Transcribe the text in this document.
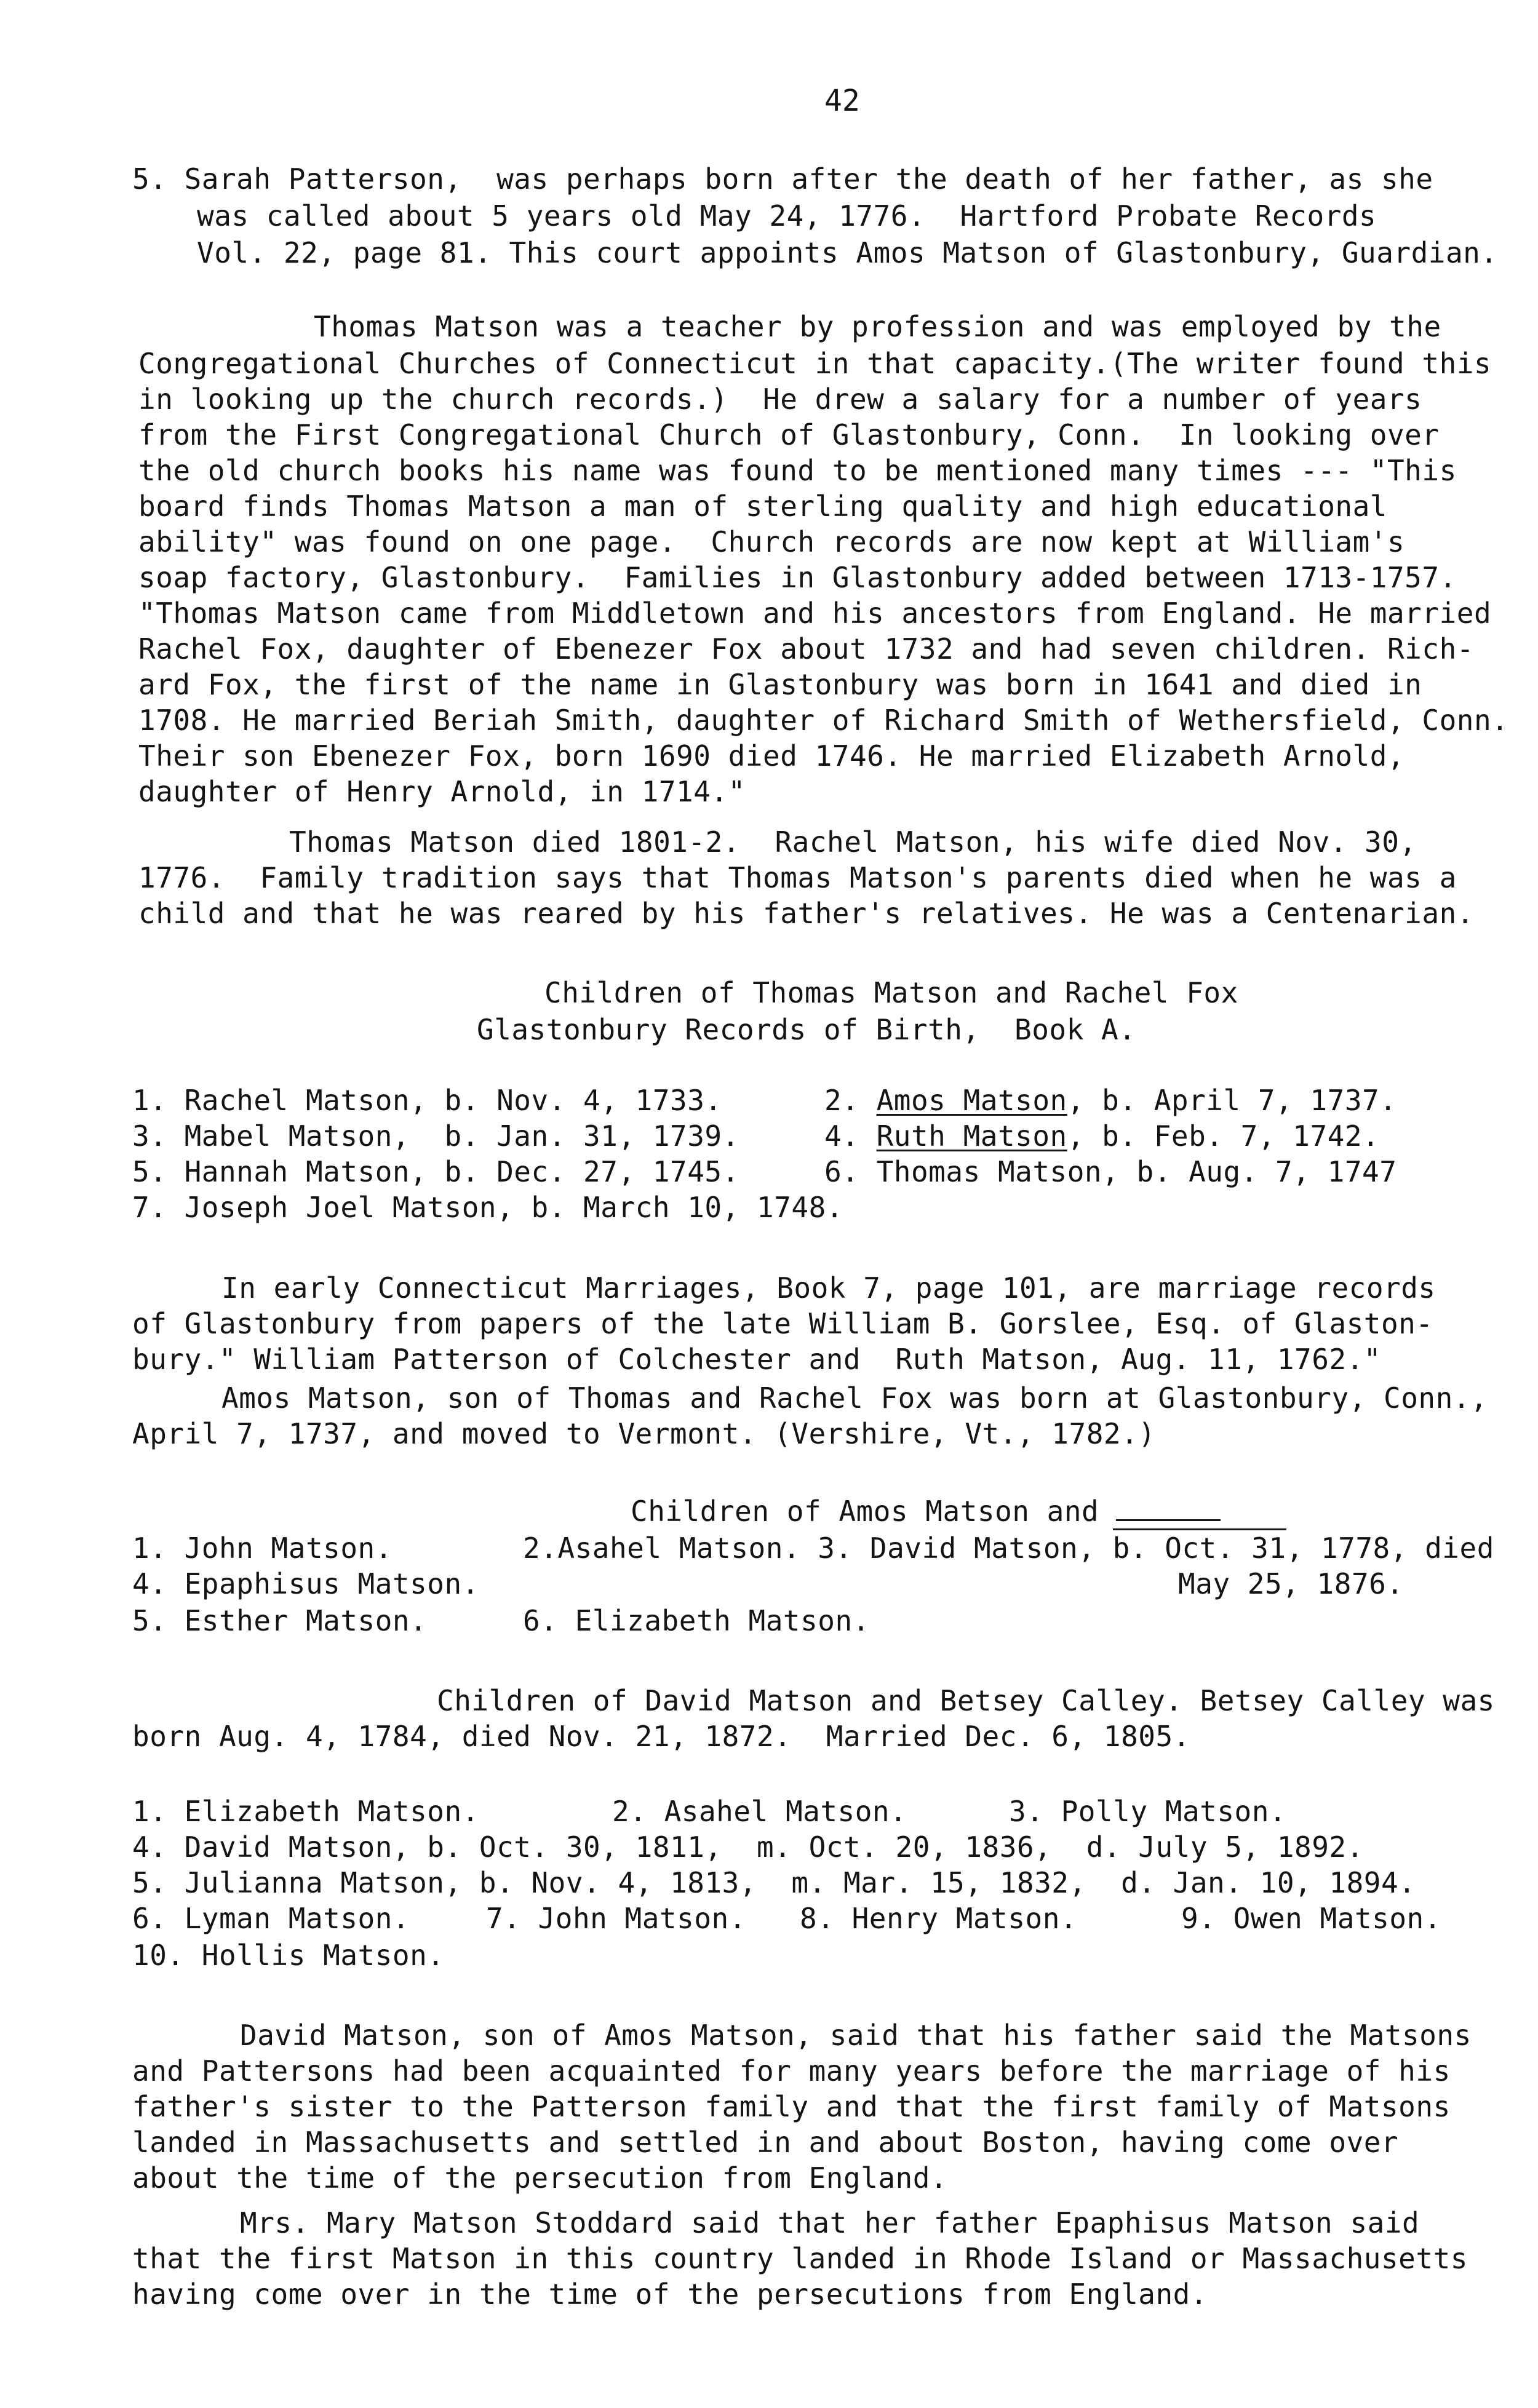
42
5. Sarah Patterson,  was perhaps born after the death of her father, as she
was called about 5 years old May 24, 1776.  Hartford Probate Records
Vol. 22, page 81. This court appoints Amos Matson of Glastonbury, Guardian.
Thomas Matson was a teacher by profession and was employed by the
Congregational Churches of Connecticut in that capacity.(The writer found this
in looking up the church records.)  He drew a salary for a number of years
from the First Congregational Church of Glastonbury, Conn.  In looking over
the old church books his name was found to be mentioned many times --- "This
board finds Thomas Matson a man of sterling quality and high educational
ability" was found on one page.  Church records are now kept at William's
soap factory, Glastonbury.  Families in Glastonbury added between 1713-1757.
"Thomas Matson came from Middletown and his ancestors from England. He married
Rachel Fox, daughter of Ebenezer Fox about 1732 and had seven children. Rich-
ard Fox, the first of the name in Glastonbury was born in 1641 and died in
1708. He married Beriah Smith, daughter of Richard Smith of Wethersfield, Conn.
Their son Ebenezer Fox, born 1690 died 1746. He married Elizabeth Arnold,
daughter of Henry Arnold, in 1714."
Thomas Matson died 1801-2.  Rachel Matson, his wife died Nov. 30,
1776.  Family tradition says that Thomas Matson's parents died when he was a
child and that he was reared by his father's relatives. He was a Centenarian.
Children of Thomas Matson and Rachel Fox
Glastonbury Records of Birth,  Book A.
1. Rachel Matson, b. Nov. 4, 1733.	2. Amos Matson, b. April 7, 1737.
3. Mabel Matson,  b. Jan. 31, 1739.	4. Ruth Matson, b. Feb. 7, 1742.
5. Hannah Matson, b. Dec. 27, 1745.	6. Thomas Matson, b. Aug. 7, 1747
7. Joseph Joel Matson, b. March 10, 1748.
In early Connecticut Marriages, Book 7, page 101, are marriage records
of Glastonbury from papers of the late William B. Gorslee, Esq. of Glaston-
bury." William Patterson of Colchester and  Ruth Matson, Aug. 11, 1762."
Amos Matson, son of Thomas and Rachel Fox was born at Glastonbury, Conn.,
April 7, 1737, and moved to Vermont. (Vershire, Vt., 1782.)
Children of Amos Matson and
1. John Matson.	2.Asahel Matson. 3. David Matson, b. Oct. 31, 1778, died
4. Epaphisus Matson.	May 25, 1876.
5. Esther Matson.	6. Elizabeth Matson.
Children of David Matson and Betsey Calley. Betsey Calley was
born Aug. 4, 1784, died Nov. 21, 1872.  Married Dec. 6, 1805.
1. Elizabeth Matson.	2. Asahel Matson.	3. Polly Matson.
4. David Matson, b. Oct. 30, 1811,  m. Oct. 20, 1836,  d. July 5, 1892.
5. Julianna Matson, b. Nov. 4, 1813,  m. Mar. 15, 1832,  d. Jan. 10, 1894.
6. Lyman Matson.	7. John Matson. 8. Henry Matson.	9. Owen Matson.
10. Hollis Matson.
David Matson, son of Amos Matson, said that his father said the Matsons
and Pattersons had been acquainted for many years before the marriage of his
father's sister to the Patterson family and that the first family of Matsons
landed in Massachusetts and settled in and about Boston, having come over
about the time of the persecution from England.
Mrs. Mary Matson Stoddard said that her father Epaphisus Matson said
that the first Matson in this country landed in Rhode Island or Massachusetts
having come over in the time of the persecutions from England.
